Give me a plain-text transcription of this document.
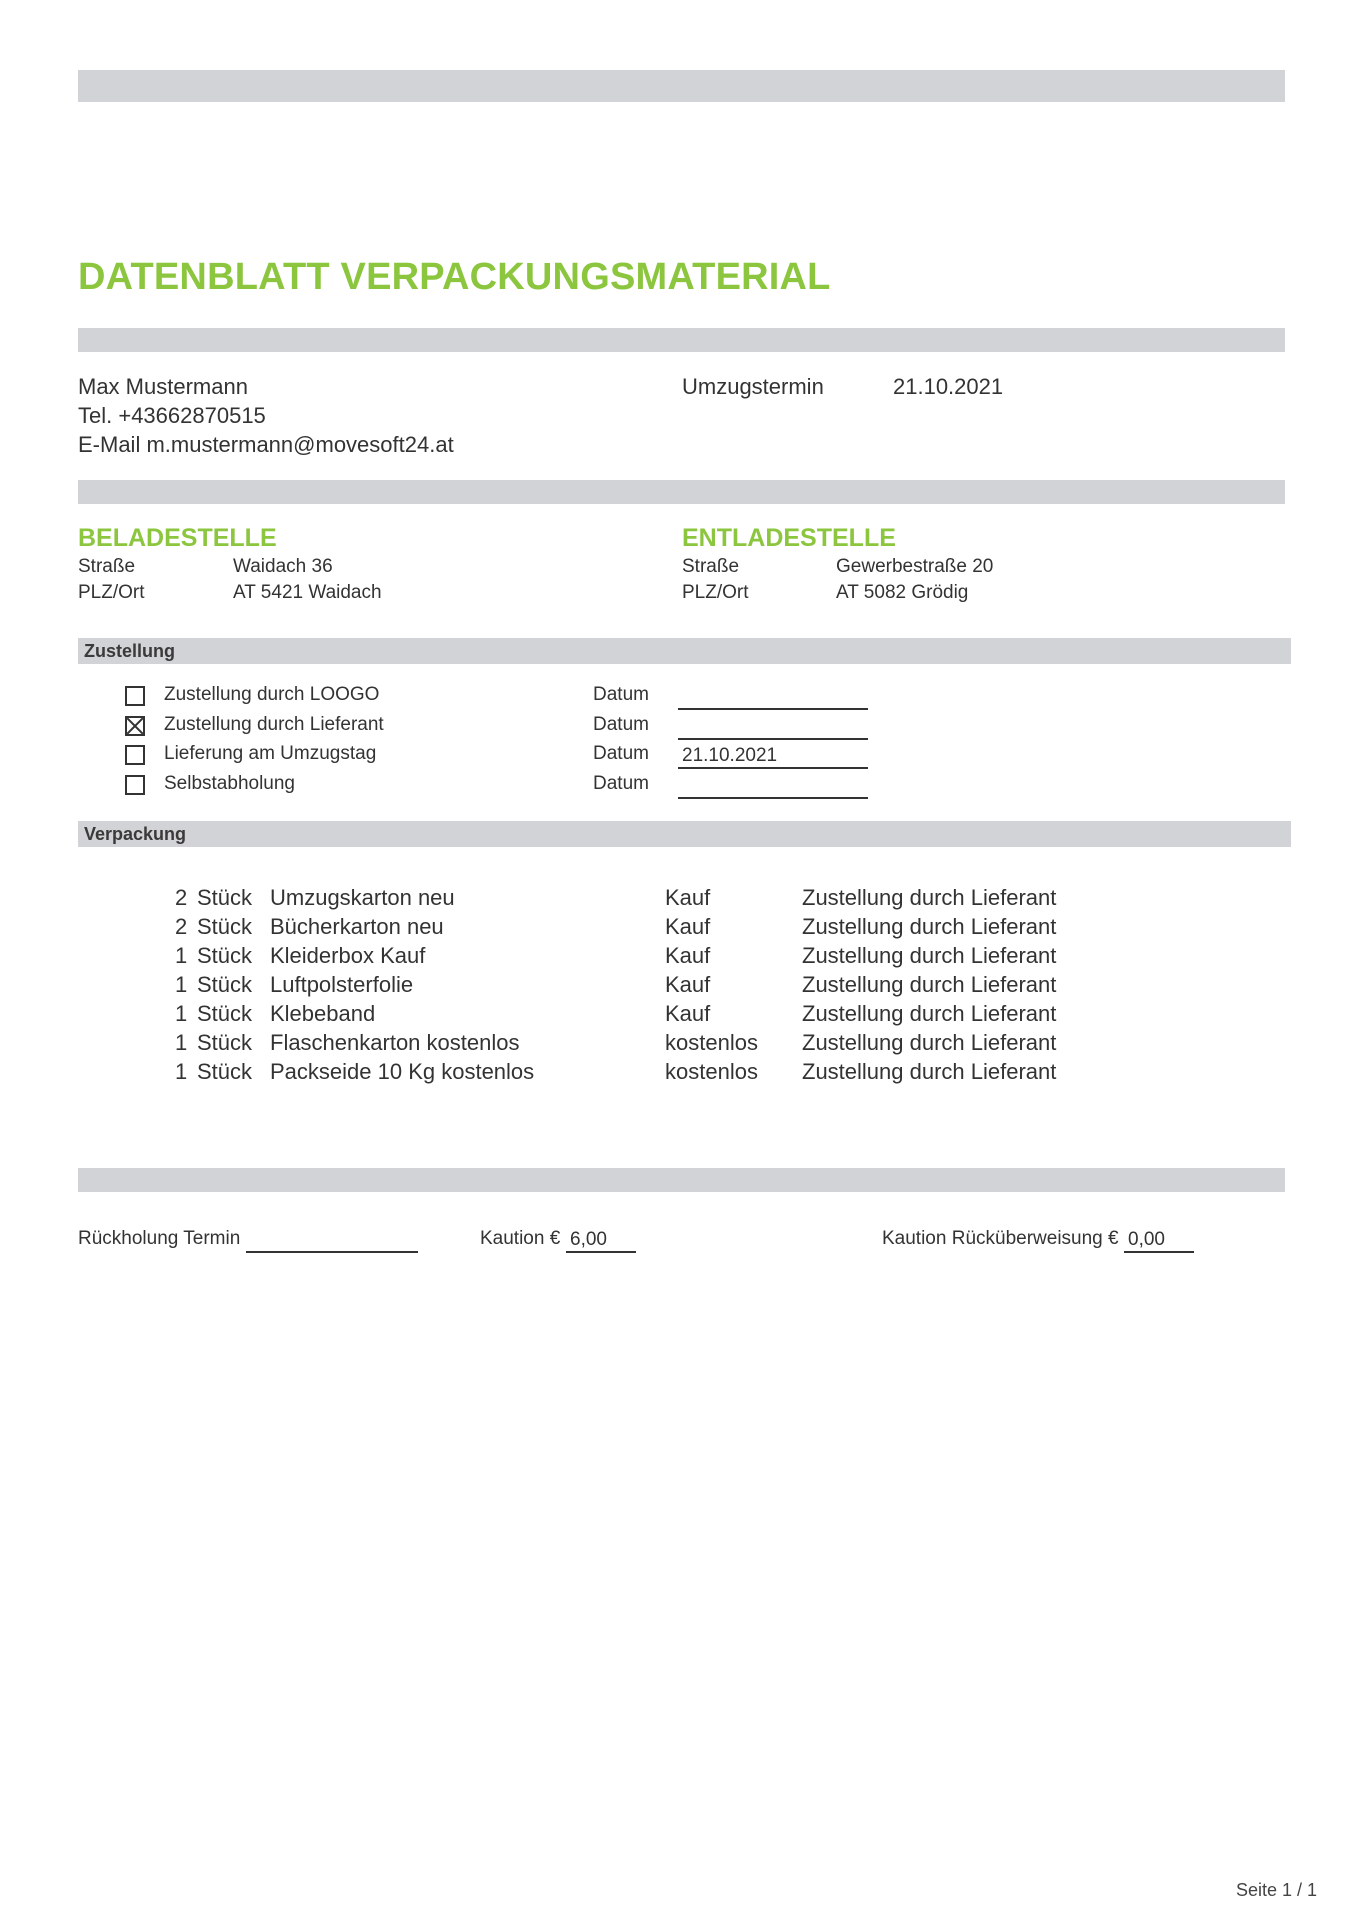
DATENBLATT VERPACKUNGSMATERIAL
Max Mustermann
Tel. +43662870515
E-Mail m.mustermann@movesoft24.at
Umzugstermin	21.10.2021
BELADESTELLE
Straße	Waidach 36
PLZ/Ort	AT 5421 Waidach
ENTLADESTELLE
Straße	Gewerbestraße 20
PLZ/Ort	AT 5082 Grödig
Zustellung
Zustellung durch LOOGO	Datum
Zustellung durch Lieferant	Datum
Lieferung am Umzugstag	Datum 21.10.2021
Selbstabholung	Datum
Verpackung
2 Stück Umzugskarton neu	Kauf	Zustellung durch Lieferant
2 Stück Bücherkarton neu	Kauf	Zustellung durch Lieferant
1 Stück Kleiderbox Kauf	Kauf	Zustellung durch Lieferant
1 Stück Luftpolsterfolie	Kauf	Zustellung durch Lieferant
1 Stück Klebeband	Kauf	Zustellung durch Lieferant
1 Stück Flaschenkarton kostenlos	kostenlos Zustellung durch Lieferant
1 Stück Packseide 10 Kg kostenlos	kostenlos Zustellung durch Lieferant
Rückholung Termin	Kaution € 6,00	Kaution Rücküberweisung € 0,00
Seite 1 / 1
